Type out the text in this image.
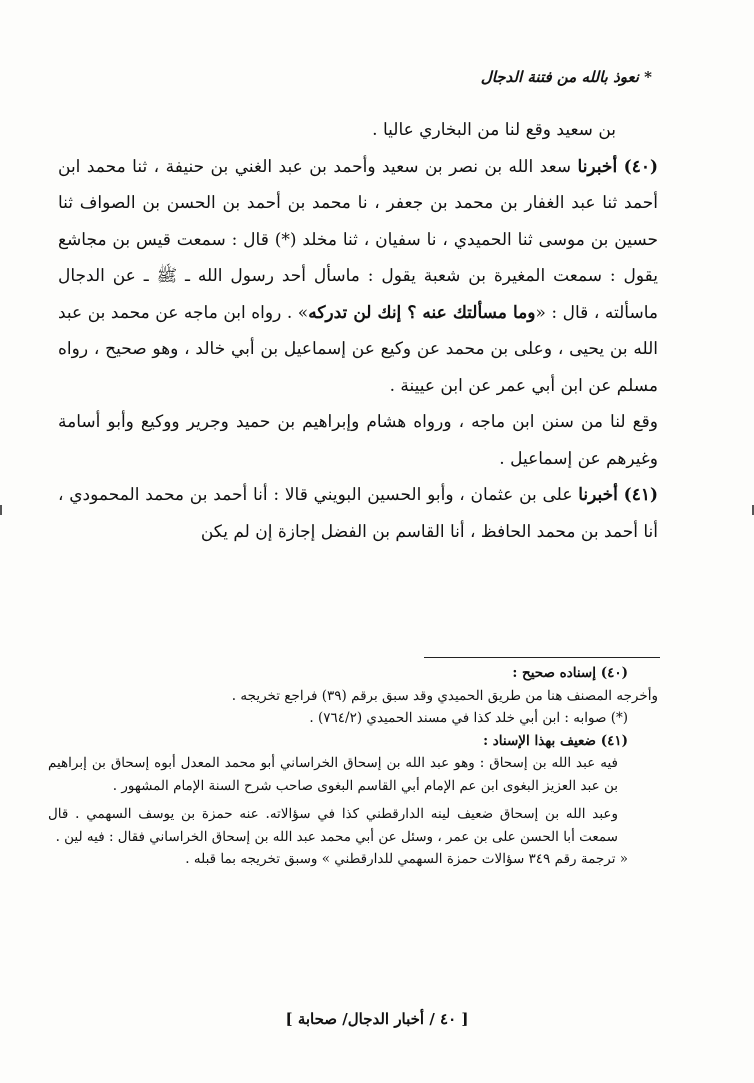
* نعوذ بالله من فتنة الدجال

بن سعيد وقع لنا من البخاري عاليا .

(٤٠) أخبرنا سعد الله بن نصر بن سعيد وأحمد بن عبد الغني بن حنيفة ، ثنا محمد ابن أحمد ثنا عبد الغفار بن محمد بن جعفر ، نا محمد بن أحمد بن الحسن بن الصواف ثنا حسين بن موسى ثنا الحميدي ، نا سفيان ، ثنا مخلد (*) قال : سمعت قيس بن مجاشع يقول : سمعت المغيرة بن شعبة يقول : ماسأل أحد رسول الله ـ ﷺ ـ عن الدجال ماسألته ، قال : «وما مسألتك عنه ؟ إنك لن تدركه» . رواه ابن ماجه عن محمد بن عبد الله بن يحيى ، وعلى بن محمد عن وكيع عن إسماعيل بن أبي خالد ، وهو صحيح ، رواه مسلم عن ابن أبي عمر عن ابن عيينة .

وقع لنا من سنن ابن ماجه ، ورواه هشام وإبراهيم بن حميد وجرير ووكيع وأبو أسامة وغيرهم عن إسماعيل .

(٤١) أخبرنا على بن عثمان ، وأبو الحسين البويني قالا : أنا أحمد بن محمد المحمودي ، أنا أحمد بن محمد الحافظ ، أنا القاسم بن الفضل إجازة إن لم يكن

(٤٠) إسناده صحيح :

وأخرجه المصنف هنا من طريق الحميدي وقد سبق برقم (٣٩) فراجع تخريجه .

(*) صوابه : ابن أبي خلد كذا في مسند الحميدي (٧٦٤/٢) .

(٤١) ضعيف بهذا الإسناد :

فيه عبد الله بن إسحاق : وهو عبد الله بن إسحاق الخراساني أبو محمد المعدل أبوه إسحاق بن إبراهيم بن عبد العزيز البغوى ابن عم الإمام أبي القاسم البغوى صاحب شرح السنة الإمام المشهور .

وعبد الله بن إسحاق ضعيف لينه الدارقطني كذا في سؤالاته. عنه حمزة بن يوسف السهمي . قال سمعت أبا الحسن على بن عمر ، وسئل عن أبي محمد عبد الله بن إسحاق الخراساني فقال : فيه لين .

« ترجمة رقم ٣٤٩ سؤالات حمزة السهمي للدارقطني » وسبق تخريجه بما قبله .

[ ٤٠ / أخبار الدجال/ صحابة ]
